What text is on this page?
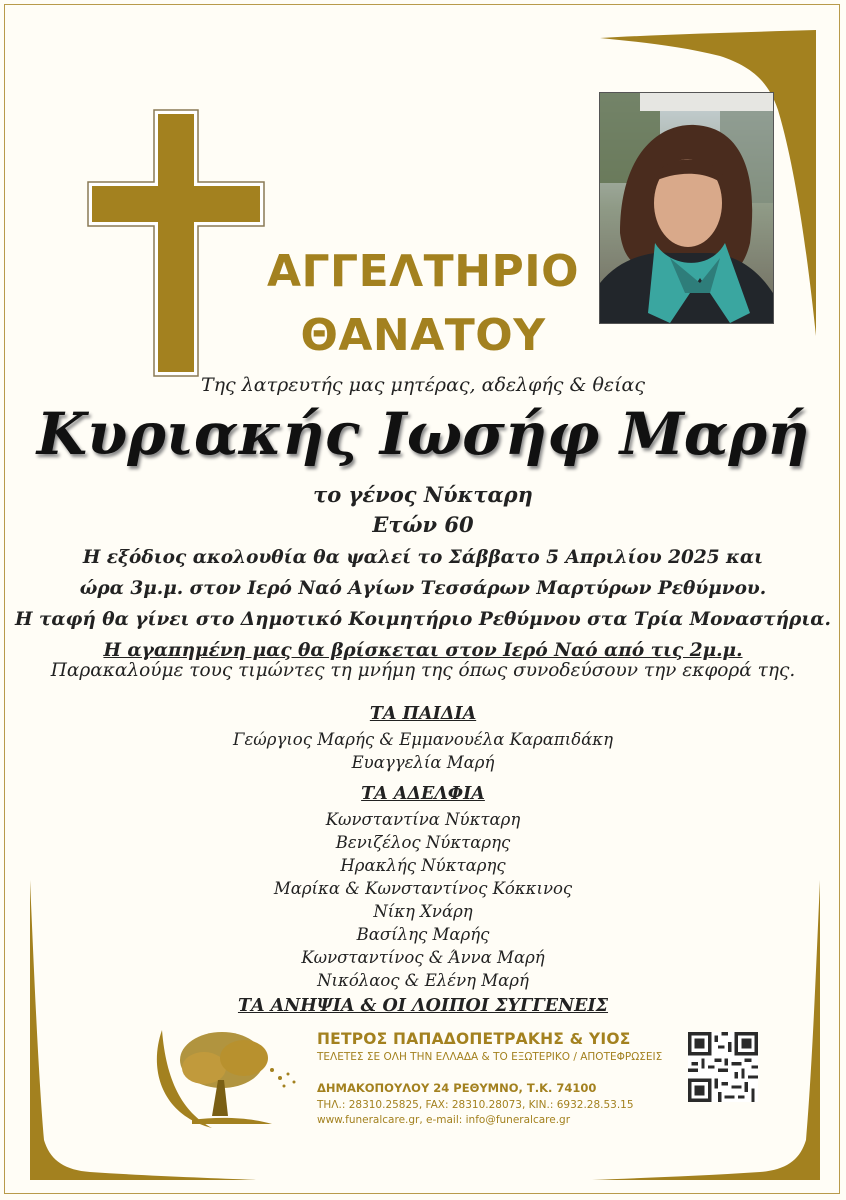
ΑΓΓΕΛΤΗΡΙΟ
ΘΑΝΑΤΟΥ
Της λατρευτής μας μητέρας, αδελφής & θείας
Κυριακής Ιωσήφ Μαρή
το γένος Νύκταρη
Ετών 60
Η εξόδιος ακολουθία θα ψαλεί το Σάββατο 5 Απριλίου 2025 και
ώρα 3μ.μ. στον Ιερό Ναό Αγίων Τεσσάρων Μαρτύρων Ρεθύμνου.
Η ταφή θα γίνει στο Δημοτικό Κοιμητήριο Ρεθύμνου στα Τρία Μοναστήρια.
Η αγαπημένη μας θα βρίσκεται στον Ιερό Ναό από τις 2μ.μ.
Παρακαλούμε τους τιμώντες τη μνήμη της όπως συνοδεύσουν την εκφορά της.
ΤΑ ΠΑΙΔΙΑ
Γεώργιος Μαρής & Εμμανουέλα Καραπιδάκη
Ευαγγελία Μαρή
ΤΑ ΑΔΕΛΦΙΑ
Κωνσταντίνα Νύκταρη
Βενιζέλος Νύκταρης
Ηρακλής Νύκταρης
Μαρίκα & Κωνσταντίνος Κόκκινος
Νίκη Χνάρη
Βασίλης Μαρής
Κωνσταντίνος & Άννα Μαρή
Νικόλαος & Ελένη Μαρή
ΤΑ ΑΝΗΨΙΑ & ΟΙ ΛΟΙΠΟΙ ΣΥΓΓΕΝΕΙΣ
ΠΕΤΡΟΣ ΠΑΠΑΔΟΠΕΤΡΑΚΗΣ & ΥΙΟΣ
ΤΕΛΕΤΕΣ ΣΕ ΟΛΗ ΤΗΝ ΕΛΛΑΔΑ & ΤΟ ΕΞΩΤΕΡΙΚΟ / ΑΠΟΤΕΦΡΩΣΕΙΣ
ΔΗΜΑΚΟΠΟΥΛΟΥ 24 ΡΕΘΥΜΝΟ, Τ.Κ. 74100
ΤΗΛ.: 28310.25825, FAX: 28310.28073, ΚΙΝ.: 6932.28.53.15
www.funeralcare.gr, e-mail: info@funeralcare.gr
